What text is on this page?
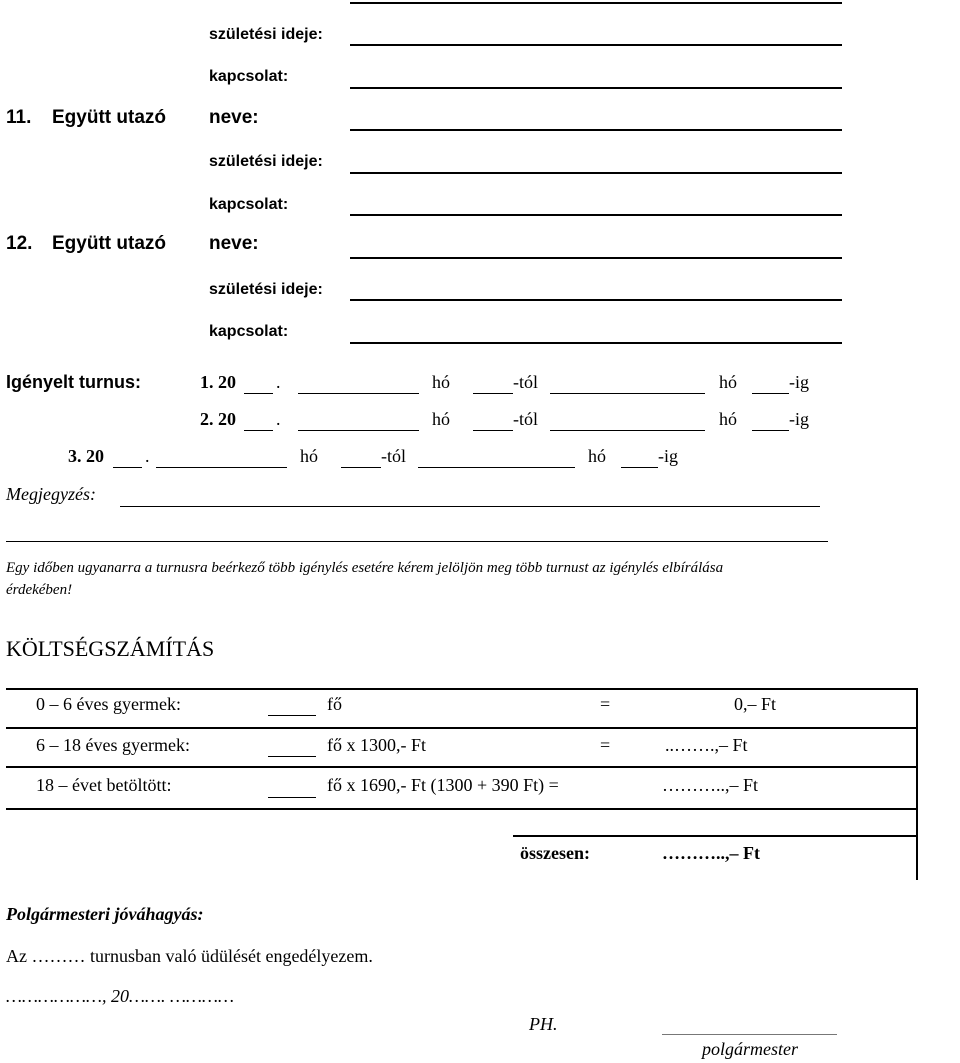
születési ideje:
kapcsolat:
11. Együtt utazó neve:
születési ideje:
kapcsolat:
12. Együtt utazó neve:
születési ideje:
kapcsolat:
Igényelt turnus:	1. 20 .	hó	-tól	hó	-ig
2. 20 .	hó	-tól	hó	-ig
3. 20 .	hó	-tól	hó	-ig
Megjegyzés:
Egy időben ugyanarra a turnusra beérkező több igénylés esetére kérem jelöljön meg több turnust az igénylés elbírálása
érdekében!
KÖLTSÉGSZÁMÍTÁS
0 – 6 éves gyermek:	fő	=	0,– Ft
6 – 18 éves gyermek:	fő x 1300,- Ft	=	..…….,– Ft
18 – évet betöltött:	fő x 1690,- Ft (1300 + 390 Ft) =	………..,– Ft
összesen:	………..,– Ft
Polgármesteri jóváhagyás:
Az ……… turnusban való üdülését engedélyezem.
………………, 20……. …………
PH.
polgármester
